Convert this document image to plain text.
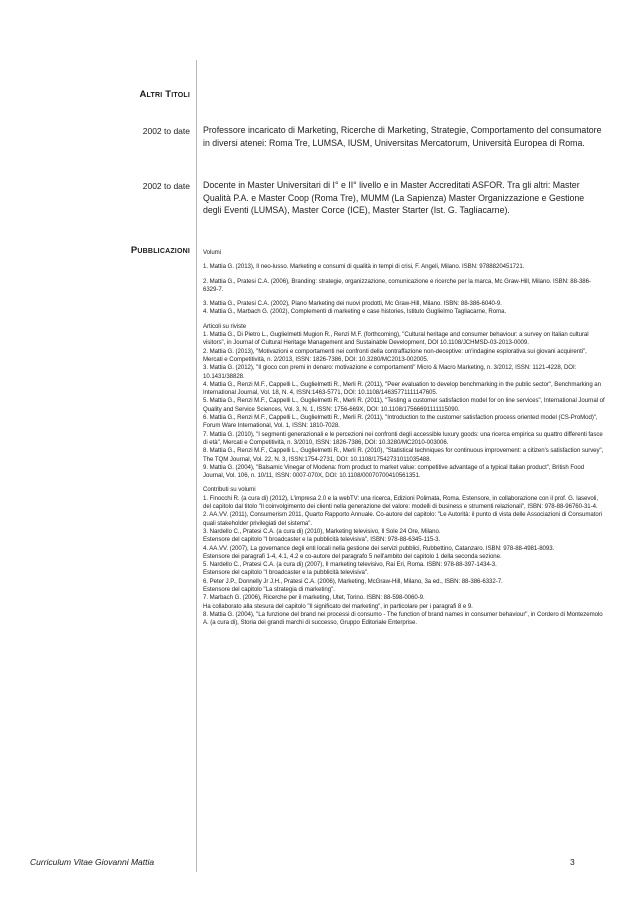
Altri Titoli
2002 to date Professore incaricato di Marketing, Ricerche di Marketing, Strategie, Comportamento del consumatore in diversi atenei: Roma Tre, LUMSA, IUSM, Universitas Mercatorum, Università Europea di Roma.
2002 to date Docente in Master Universitari di I° e II° livello e in Master Accreditati ASFOR. Tra gli altri: Master Qualità P.A. e Master Coop (Roma Tre), MUMM (La Sapienza) Master Organizzazione e Gestione degli Eventi (LUMSA), Master Corce (ICE), Master Starter (Ist. G. Tagliacarne).
Pubblicazioni Volumi

1. Mattia G. (2013), Il neo-lusso. Marketing e consumi di qualità in tempi di crisi, F. Angeli, Milano. ISBN: 9788820451721.

2. Mattia G., Pratesi C.A. (2006), Branding: strategie, organizzazione, comunicazione e ricerche per la marca, Mc Graw-Hill, Milano. ISBN: 88-386-6329-7.

3. Mattia G., Pratesi C.A. (2002), Piano Marketing dei nuovi prodotti, Mc Graw-Hill, Milano. ISBN: 88-386-6040-9.

4. Mattia G., Marbach G. (2002), Complementi di marketing e case histories, Istituto Guglielmo Tagliacarne, Roma.

Articoli su riviste

1. Mattia G., Di Pietro L., Guglielmetti Mugion R., Renzi M.F. (forthcoming), "Cultural heritage and consumer behaviour: a survey on Italian cultural visitors", in Journal of Cultural Heritage Management and Sustainable Development, DOI 10.1108/JCHMSD-03-2013-0009.

2. Mattia G. (2013), "Motivazioni e comportamenti nei confronti della contraffazione non-deceptive: un'indagine esplorativa sui giovani acquirenti", Mercati e Competitività, n. 2/2013, ISSN: 1826-7386, DOI: 10.3280/MC2013-002005.

3. Mattia G. (2012), "Il gioco con premi in denaro: motivazione e comportamenti" Micro & Macro Marketing, n. 3/2012, ISSN: 1121-4228, DOI: 10.1431/38828.

4. Mattia G., Renzi M.F., Cappelli L., Guglielmetti R., Merli R. (2011), "Peer evaluation to develop benchmarking in the public sector", Benchmarking an International Journal, Vol. 18, N. 4, ISSN:1463-5771, DOI: 10.1108/14635771111147605.

5. Mattia G., Renzi M.F., Cappelli L., Guglielmetti R., Merli R. (2011), "Testing a customer satisfaction model for on line services", International Journal of Quality and Service Sciences, Vol. 3, N. 1, ISSN: 1756-669X, DOI: 10.1108/17566691111115090.

6. Mattia G., Renzi M.F., Cappelli L., Guglielmetti R., Merli R. (2011), "Introduction to the customer satisfaction process oriented model (CS-ProMod)", Forum Ware International, Vol. 1, ISSN: 1810-7028.

7. Mattia G. (2010), "I segmenti generazionali e le percezioni nei confronti degli accessible luxury goods: una ricerca empirica su quattro differenti fasce di età", Mercati e Competitività, n. 3/2010, ISSN: 1826-7386, DOI: 10.3280/MC2010-003006.

8. Mattia G., Renzi M.F., Cappelli L., Guglielmetti R., Merli R. (2010), "Statistical techniques for continuous improvement: a citizen's satisfaction survey", The TQM Journal, Vol. 22, N. 3, ISSN:1754-2731, DOI: 10.1108/17542731011035488.

9. Mattia G. (2004), "Balsamic Vinegar of Modena: from product to market value: competitive advantage of a typical Italian product", British Food Journal, Vol. 106, n. 10/11, ISSN: 0007-070X, DOI: 10.1108/00070700410561351.

Contributi su volumi

1. Finocchi R. (a cura di) (2012), L'impresa 2.0 e la webTV: una ricerca, Edizioni Polimata, Roma. Estensore, in collaborazione con il prof. G. Iasevoli, del capitolo dal titolo "Il coinvolgimento dei clienti nella generazione del valore: modelli di business e strumenti relazionali", ISBN: 978-88-96760-31-4.

2. AA.VV. (2011), Consumerism 2011, Quarto Rapporto Annuale. Co-autore del capitolo: "Le Autorità: il punto di vista delle Associazioni di Consumatori quali stakeholder privilegiati del sistema".

3. Nardello C., Pratesi C.A. (a cura di) (2010), Marketing televisivo, Il Sole 24 Ore, Milano.

Estensore del capitolo "I broadcaster e la pubblicità televisiva", ISBN: 978-88-6345-115-3.

4. AA.VV. (2007), La governance degli enti locali nella gestione dei servizi pubblici, Rubbettino, Catanzaro. ISBN: 978-88-4981-8093.

Estensore dei paragrafi 1-4, 4.1, 4.2 e co-autore del paragrafo 5 nell'ambito del capitolo 1 della seconda sezione.

5. Nardello C., Pratesi C.A. (a cura di) (2007), Il marketing televisivo, Rai Eri, Roma. ISBN: 978-88-397-1434-3.

Estensore del capitolo "I broadcaster e la pubblicità televisiva".

6. Peter J.P., Donnelly Jr J.H., Pratesi C.A. (2006), Marketing, McGraw-Hill, Milano, 3a ed., ISBN: 88-386-6332-7.

Estensore del capitolo "La strategia di marketing".

7. Marbach G. (2006), Ricerche per il marketing, Utet, Torino. ISBN: 88-598-0060-9.

Ha collaborato alla stesura del capitolo "Il significato del marketing", in particolare per i paragrafi 8 e 9.

8. Mattia G. (2004), "La funzione del brand nei processi di consumo - The function of brand names in consumer behaviour", in Cordero di Montezemolo A. (a cura di), Storia dei grandi marchi di successo, Gruppo Editoriale Enterprise.

Curriculum Vitae Giovanni Mattia	3
